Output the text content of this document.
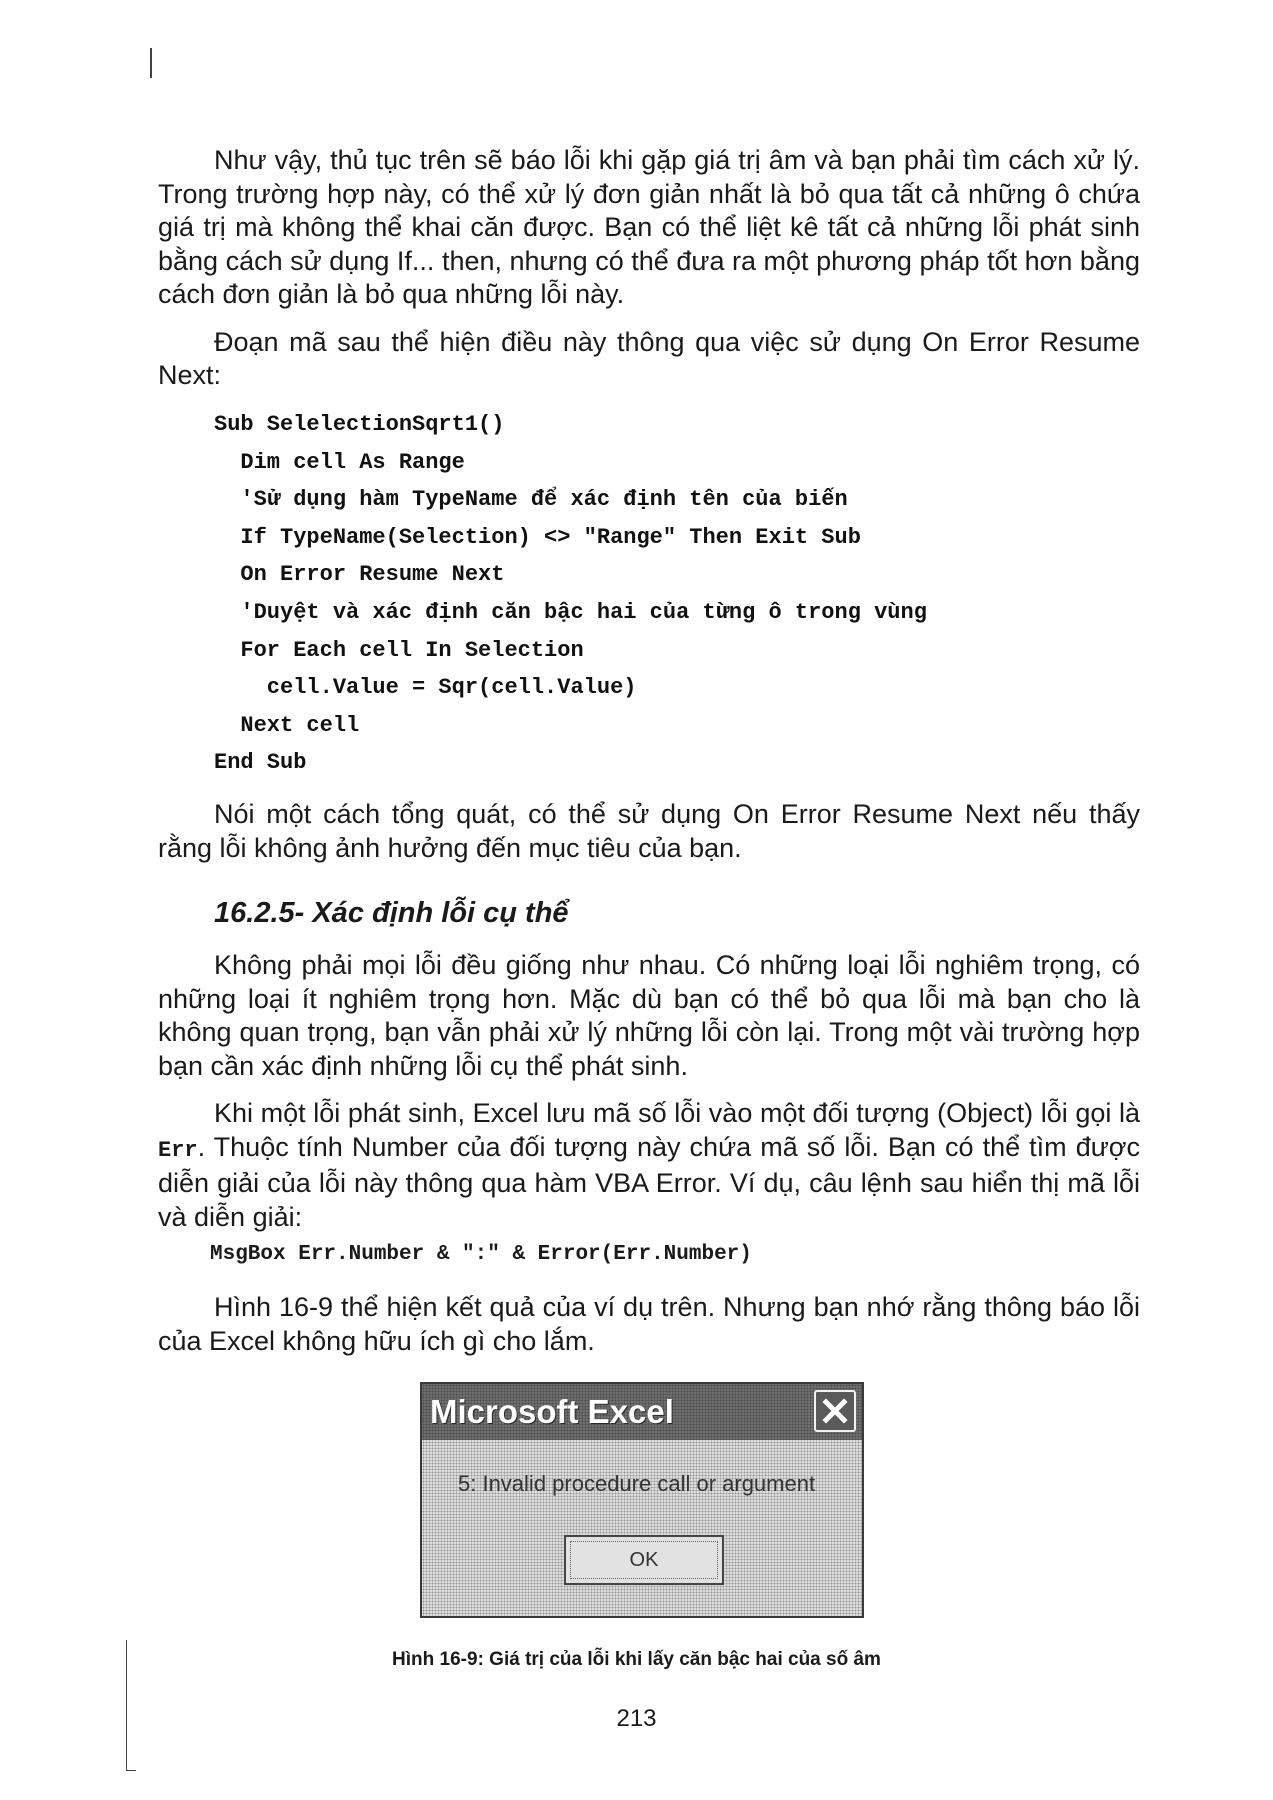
Như vậy, thủ tục trên sẽ báo lỗi khi gặp giá trị âm và bạn phải tìm cách xử lý. Trong trường hợp này, có thể xử lý đơn giản nhất là bỏ qua tất cả những ô chứa giá trị mà không thể khai căn được. Bạn có thể liệt kê tất cả những lỗi phát sinh bằng cách sử dụng If... then, nhưng có thể đưa ra một phương pháp tốt hơn bằng cách đơn giản là bỏ qua những lỗi này.

Đoạn mã sau thể hiện điều này thông qua việc sử dụng On Error Resume Next:

Sub SelelectionSqrt1()
Dim cell As Range
'Sử dụng hàm TypeName để xác định tên của biến
If TypeName(Selection) <> "Range" Then Exit Sub
On Error Resume Next
'Duyệt và xác định căn bậc hai của từng ô trong vùng
For Each cell In Selection
cell.Value = Sqr(cell.Value)
Next cell
End Sub

Nói một cách tổng quát, có thể sử dụng On Error Resume Next nếu thấy rằng lỗi không ảnh hưởng đến mục tiêu của bạn.

16.2.5- Xác định lỗi cụ thể

Không phải mọi lỗi đều giống như nhau. Có những loại lỗi nghiêm trọng, có những loại ít nghiêm trọng hơn. Mặc dù bạn có thể bỏ qua lỗi mà bạn cho là không quan trọng, bạn vẫn phải xử lý những lỗi còn lại. Trong một vài trường hợp bạn cần xác định những lỗi cụ thể phát sinh.

Khi một lỗi phát sinh, Excel lưu mã số lỗi vào một đối tượng (Object) lỗi gọi là Err. Thuộc tính Number của đối tượng này chứa mã số lỗi. Bạn có thể tìm được diễn giải của lỗi này thông qua hàm VBA Error. Ví dụ, câu lệnh sau hiển thị mã lỗi và diễn giải:

MsgBox Err.Number & ":" & Error(Err.Number)

Hình 16-9 thể hiện kết quả của ví dụ trên. Nhưng bạn nhớ rằng thông báo lỗi của Excel không hữu ích gì cho lắm.

Microsoft Excel
5: Invalid procedure call or argument
OK
Hình 16-9: Giá trị của lỗi khi lấy căn bậc hai của số âm
213
